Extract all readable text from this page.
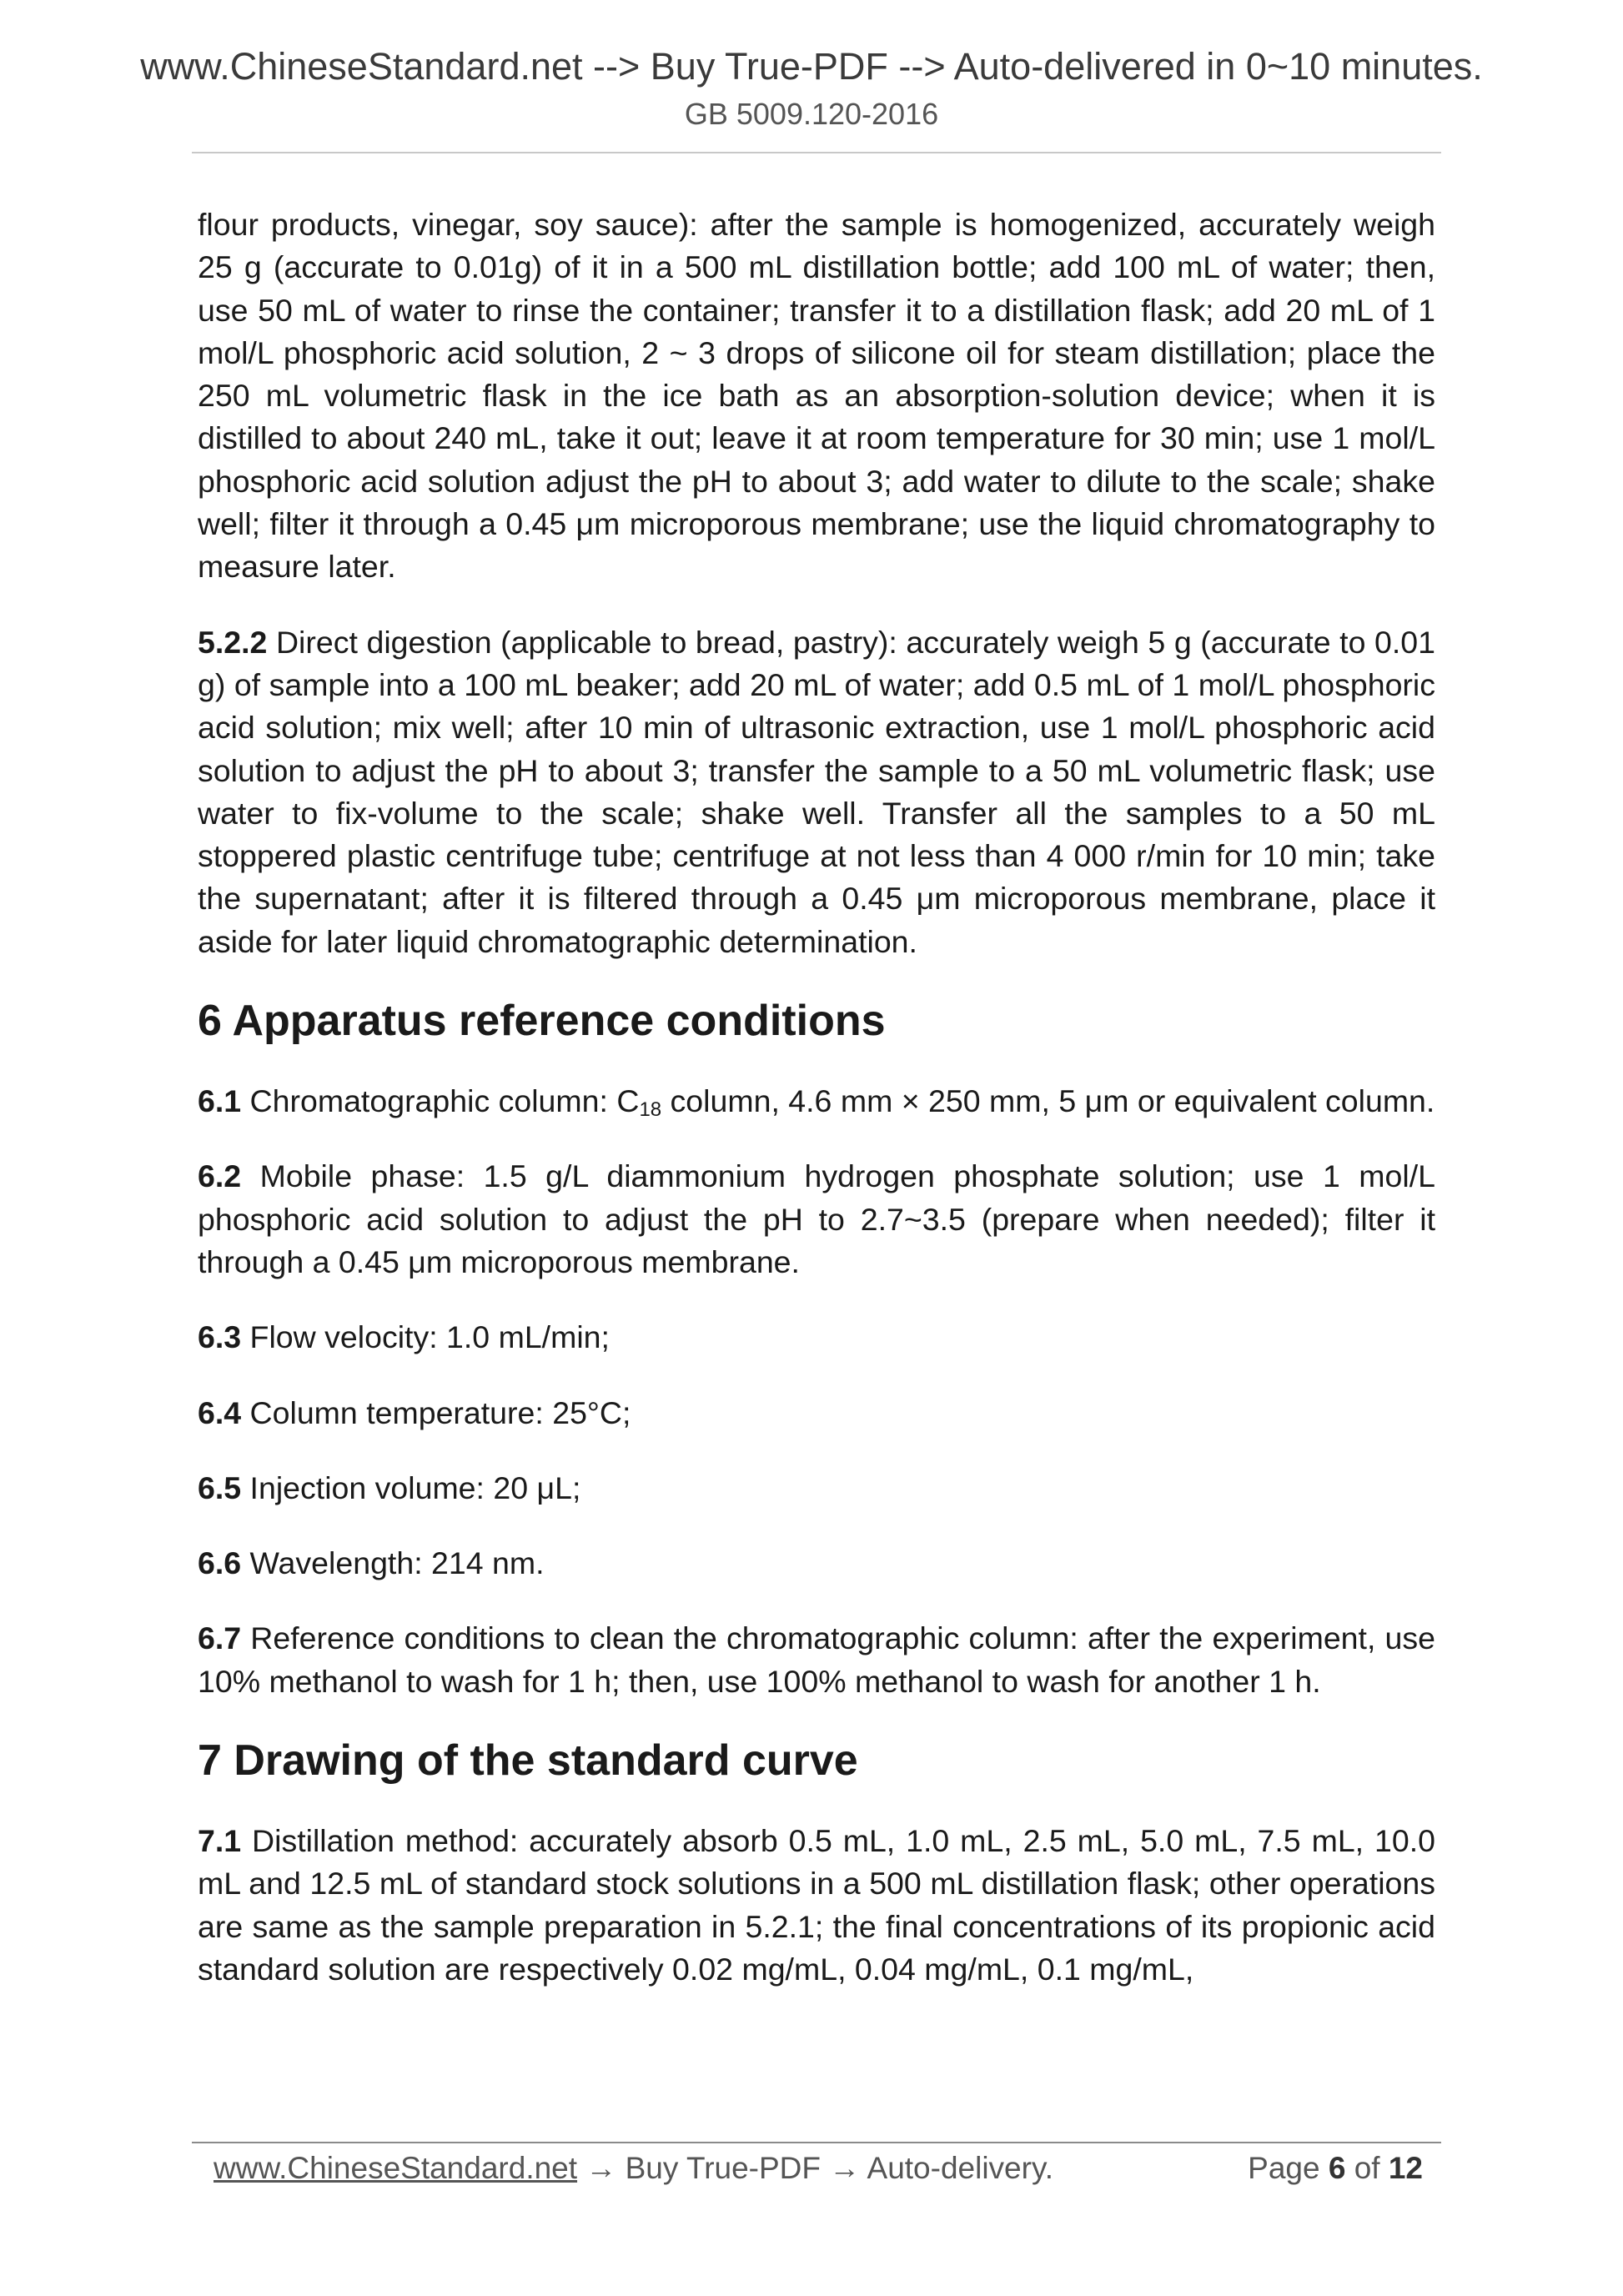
www.ChineseStandard.net --> Buy True-PDF --> Auto-delivered in 0~10 minutes.
GB 5009.120-2016

flour products, vinegar, soy sauce): after the sample is homogenized, accurately weigh 25 g (accurate to 0.01g) of it in a 500 mL distillation bottle; add 100 mL of water; then, use 50 mL of water to rinse the container; transfer it to a distillation flask; add 20 mL of 1 mol/L phosphoric acid solution, 2 ~ 3 drops of silicone oil for steam distillation; place the 250 mL volumetric flask in the ice bath as an absorption-solution device; when it is distilled to about 240 mL, take it out; leave it at room temperature for 30 min; use 1 mol/L phosphoric acid solution adjust the pH to about 3; add water to dilute to the scale; shake well; filter it through a 0.45 μm microporous membrane; use the liquid chromatography to measure later.

5.2.2 Direct digestion (applicable to bread, pastry): accurately weigh 5 g (accurate to 0.01 g) of sample into a 100 mL beaker; add 20 mL of water; add 0.5 mL of 1 mol/L phosphoric acid solution; mix well; after 10 min of ultrasonic extraction, use 1 mol/L phosphoric acid solution to adjust the pH to about 3; transfer the sample to a 50 mL volumetric flask; use water to fix-volume to the scale; shake well. Transfer all the samples to a 50 mL stoppered plastic centrifuge tube; centrifuge at not less than 4 000 r/min for 10 min; take the supernatant; after it is filtered through a 0.45 μm microporous membrane, place it aside for later liquid chromatographic determination.

6 Apparatus reference conditions

6.1 Chromatographic column: $C_{18}$ column, 4.6 mm × 250 mm, 5 μm or equivalent column.

6.2 Mobile phase: 1.5 g/L diammonium hydrogen phosphate solution; use 1 mol/L phosphoric acid solution to adjust the pH to 2.7~3.5 (prepare when needed); filter it through a 0.45 μm microporous membrane.

6.3 Flow velocity: 1.0 mL/min;

6.4 Column temperature: 25°C;

6.5 Injection volume: 20 μL;

6.6 Wavelength: 214 nm.

6.7 Reference conditions to clean the chromatographic column: after the experiment, use 10% methanol to wash for 1 h; then, use 100% methanol to wash for another 1 h.

7 Drawing of the standard curve

7.1 Distillation method: accurately absorb 0.5 mL, 1.0 mL, 2.5 mL, 5.0 mL, 7.5 mL, 10.0 mL and 12.5 mL of standard stock solutions in a 500 mL distillation flask; other operations are same as the sample preparation in 5.2.1; the final concentrations of its propionic acid standard solution are respectively 0.02 mg/mL, 0.04 mg/mL, 0.1 mg/mL,

www.ChineseStandard.net → Buy True-PDF → Auto-delivery.	Page 6 of 12
